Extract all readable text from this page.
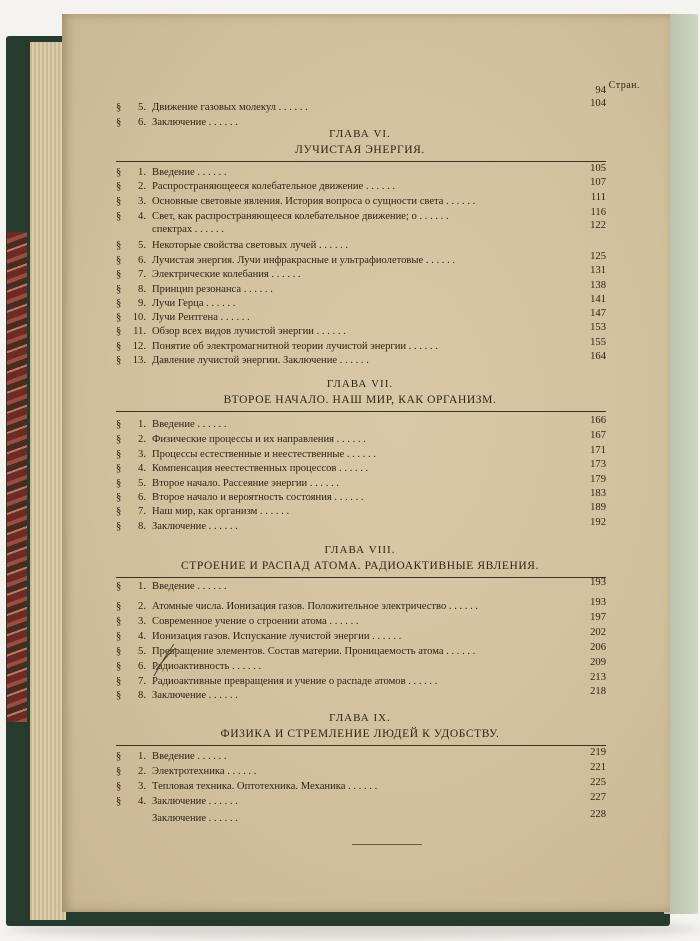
Стран.
94
§ 5. Движение газовых молекул . . . . . .	104
§ 6. Заключение . . . . . .
§ 1. Введение . . . . . .	105
§ 2. Распространяющееся колебательное движение . . . . . .	107
§ 3. Основные световые явления. История вопроса о сущности света . . . . . .	111
§ 4. Свет, как распространяющееся колебательное движение; о . . . . . .	116
спектрах . . . . . .	122
§ 5. Некоторые свойства световых лучей . . . . . .
§ 6. Лучистая энергия. Лучи инфракрасные и ультрафиолетовые . . . . . .	125
§ 7. Электрические колебания . . . . . .	131
§ 8. Принцип резонанса . . . . . .	138
§ 9. Лучи Герца . . . . . .	141
§ 10. Лучи Рентгена . . . . . .	147
§ 11. Обзор всех видов лучистой энергии . . . . . .	153
§ 12. Понятие об электромагнитной теории лучистой энергии . . . . . .	155
§ 13. Давление лучистой энергии. Заключение . . . . . .	164
§ 1. Введение . . . . . .	166
§ 2. Физические процессы и их направления . . . . . .	167
§ 3. Процессы естественные и неестественные . . . . . .	171
§ 4. Компенсация неестественных процессов . . . . . .	173
§ 5. Второе начало. Рассеяние энергии . . . . . .	179
§ 6. Второе начало и вероятность состояния . . . . . .	183
§ 7. Наш мир, как организм . . . . . .	189
§ 8. Заключение . . . . . .	192
§ 1. Введение . . . . . .	193
§ 2. Атомные числа. Ионизация газов. Положительное электричество . . . . . .	193
§ 3. Современное учение о строении атома . . . . . .	197
§ 4. Ионизация газов. Испускание лучистой энергии . . . . . .	202
§ 5. Превращение элементов. Состав материи. Проницаемость атома . . . . . .	206
§ 6. Радиоактивность . . . . . .	209
§ 7. Радиоактивные превращения и учение о распаде атомов . . . . . .	213
§ 8. Заключение . . . . . .	218
§ 1. Введение . . . . . .	219
§ 2. Электротехника . . . . . .	221
§ 3. Тепловая техника. Оптотехника. Механика . . . . . .	225
§ 4. Заключение . . . . . .	227
Заключение . . . . . .	228
ГЛАВА VI.
ЛУЧИСТАЯ ЭНЕРГИЯ.
ГЛАВА VII.
ВТОРОЕ НАЧАЛО. НАШ МИР, КАК ОРГАНИЗМ.
ГЛАВА VIII.
СТРОЕНИЕ И РАСПАД АТОМА. РАДИОАКТИВНЫЕ ЯВЛЕНИЯ.
ГЛАВА IX.
ФИЗИКА И СТРЕМЛЕНИЕ ЛЮДЕЙ К УДОБСТВУ.
